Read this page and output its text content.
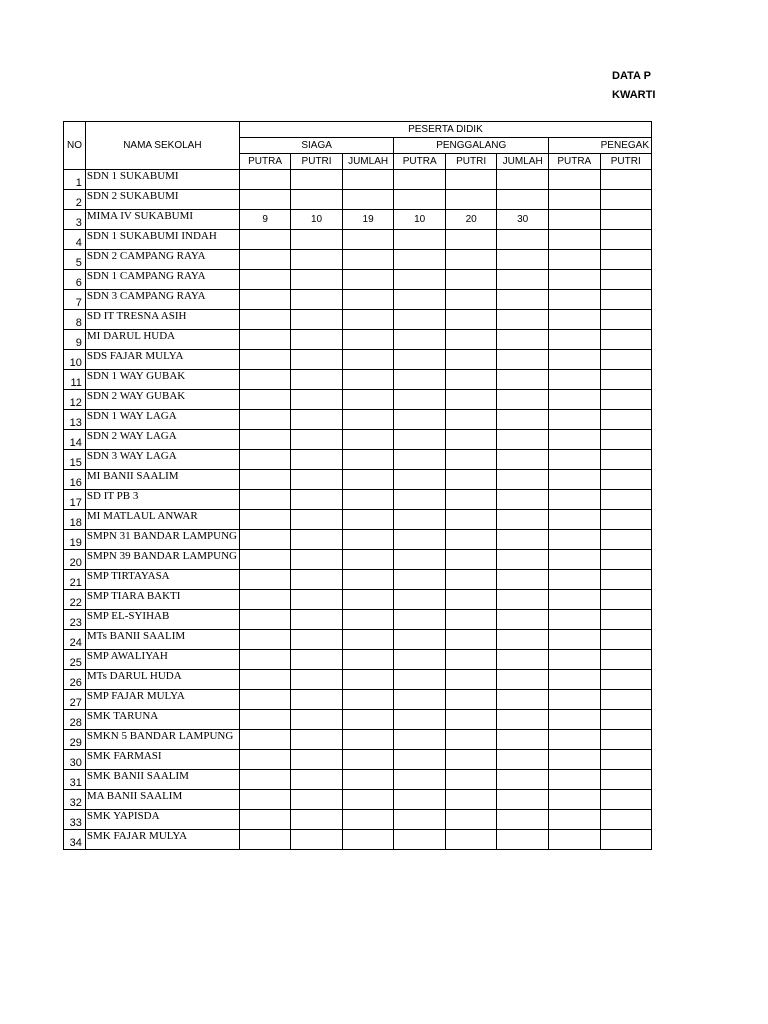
DATA P
KWARTI
NO	NAMA SEKOLAH	PESERTA DIDIK							
		SIAGA			PENGGALANG			PENEGAK	
		PUTRA	PUTRI	JUMLAH	PUTRA	PUTRI	JUMLAH	PUTRA	PUTRI
1	SDN 1 SUKABUMI								
2	SDN 2 SUKABUMI								
3	MIMA IV SUKABUMI	9	10	19	10	20	30		
4	SDN 1 SUKABUMI INDAH								
5	SDN 2 CAMPANG RAYA								
6	SDN 1 CAMPANG RAYA								
7	SDN 3 CAMPANG RAYA								
8	SD IT TRESNA ASIH								
9	MI DARUL HUDA								
10	SDS FAJAR MULYA								
11	SDN 1 WAY GUBAK								
12	SDN 2 WAY GUBAK								
13	SDN 1 WAY LAGA								
14	SDN 2 WAY LAGA								
15	SDN 3 WAY LAGA								
16	MI BANII SAALIM								
17	SD IT PB 3								
18	MI MATLAUL ANWAR								
19	SMPN 31 BANDAR LAMPUNG								
20	SMPN 39 BANDAR LAMPUNG								
21	SMP TIRTAYASA								
22	SMP TIARA BAKTI								
23	SMP EL-SYIHAB								
24	MTs BANII SAALIM								
25	SMP AWALIYAH								
26	MTs DARUL HUDA								
27	SMP FAJAR MULYA								
28	SMK TARUNA								
29	SMKN 5 BANDAR LAMPUNG								
30	SMK FARMASI								
31	SMK BANII SAALIM								
32	MA BANII SAALIM								
33	SMK YAPISDA								
34	SMK FAJAR MULYA								
